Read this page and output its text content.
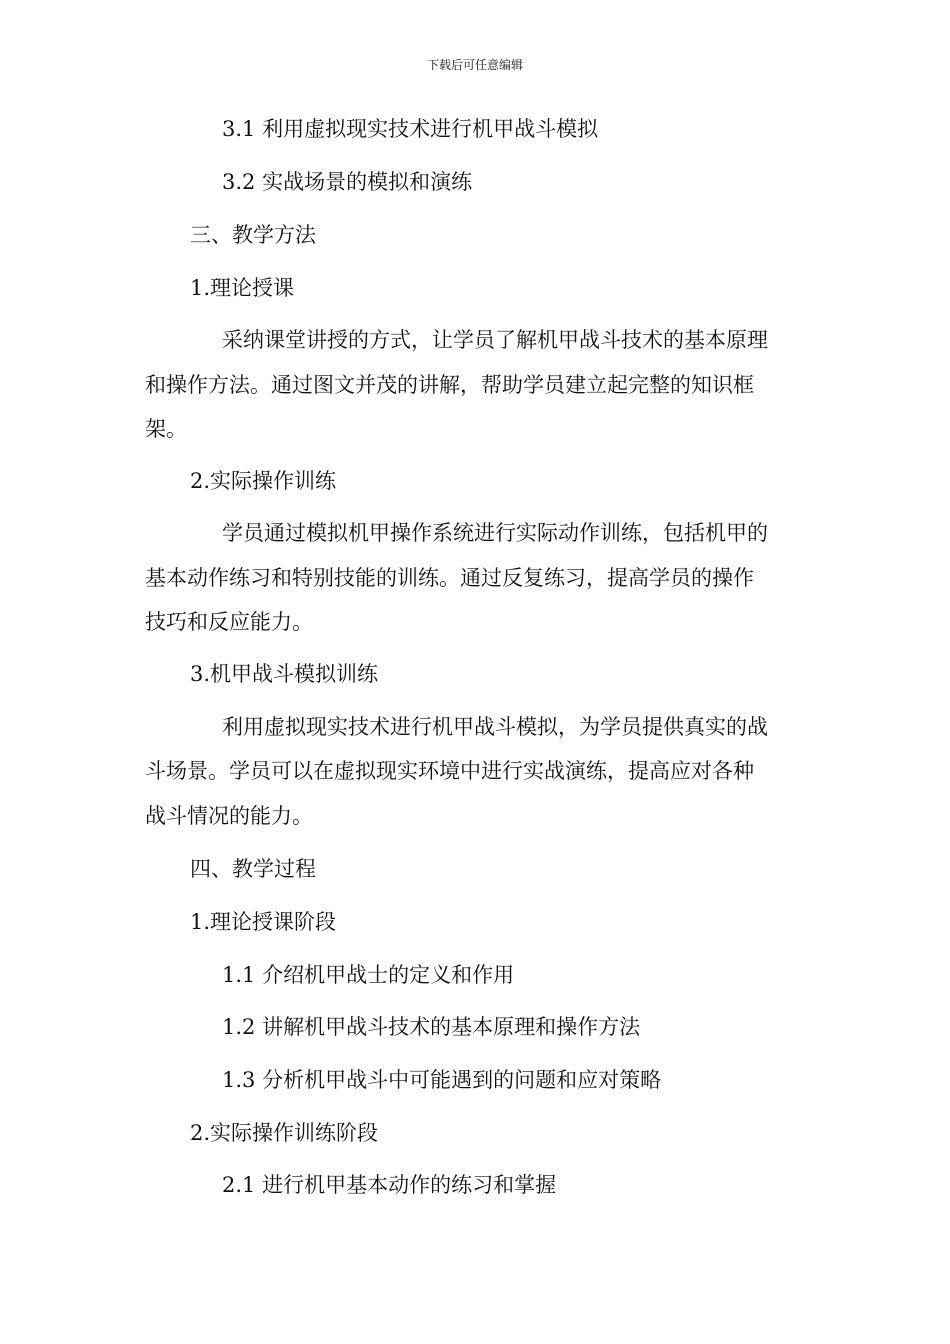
下载后可任意编辑
3.1 利用虚拟现实技术进行机甲战斗模拟
3.2 实战场景的模拟和演练
三、教学方法
1.理论授课
采纳课堂讲授的方式，让学员了解机甲战斗技术的基本原理
和操作方法。通过图文并茂的讲解，帮助学员建立起完整的知识框
架。
2.实际操作训练
学员通过模拟机甲操作系统进行实际动作训练，包括机甲的
基本动作练习和特别技能的训练。通过反复练习，提高学员的操作
技巧和反应能力。
3.机甲战斗模拟训练
利用虚拟现实技术进行机甲战斗模拟，为学员提供真实的战
斗场景。学员可以在虚拟现实环境中进行实战演练，提高应对各种
战斗情况的能力。
四、教学过程
1.理论授课阶段
1.1 介绍机甲战士的定义和作用
1.2 讲解机甲战斗技术的基本原理和操作方法
1.3 分析机甲战斗中可能遇到的问题和应对策略
2.实际操作训练阶段
2.1 进行机甲基本动作的练习和掌握
